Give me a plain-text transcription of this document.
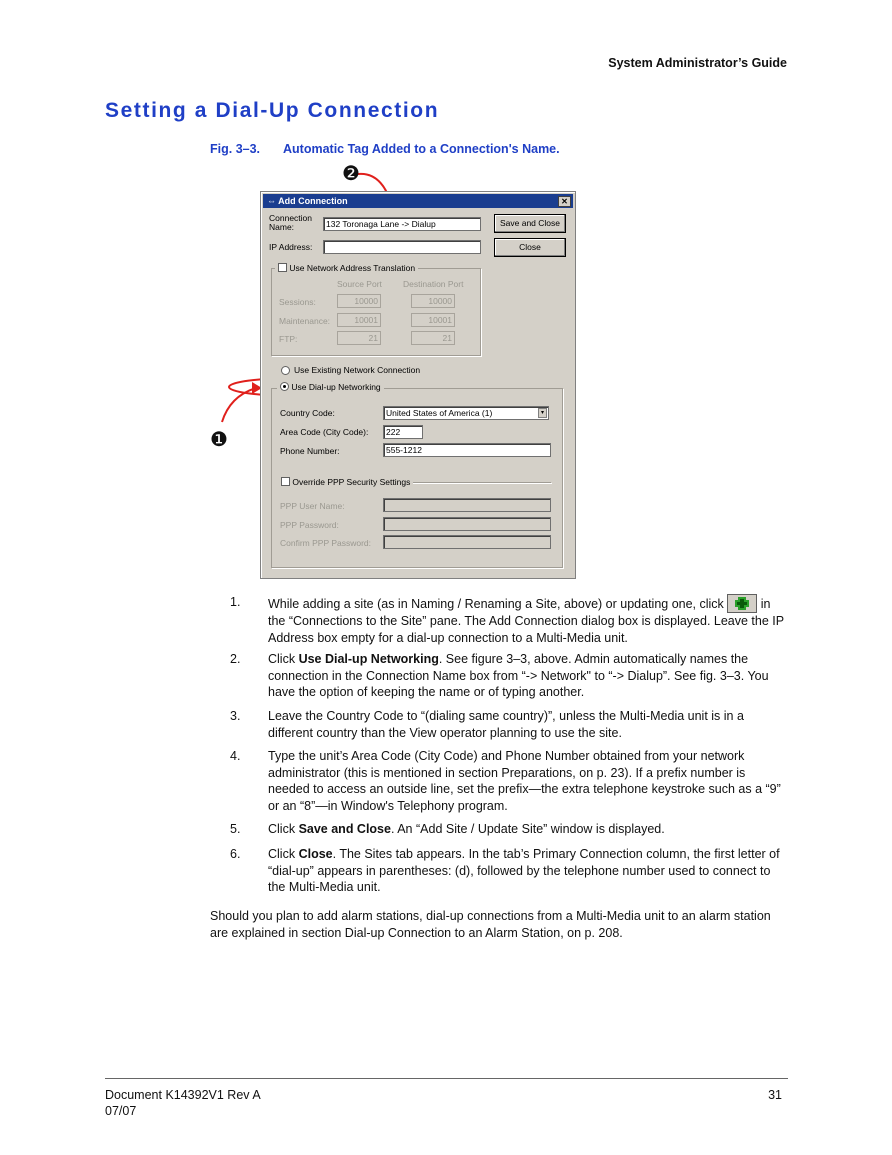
System Administrator’s Guide
Setting a Dial-Up Connection
Fig. 3–3. Automatic Tag Added to a Connection's Name.
❷
❶
⇔ Add Connection	✕
Connection
Name:	132 Toronaga Lane -> Dialup
IP Address:
Save and Close
Close
Use Network Address Translation
Source Port Destination Port
Sessions:	10000	10000
Maintenance:	10001	10001
FTP:	21	21
Use Existing Network Connection
Use Dial-up Networking
Country Code:	United States of America (1)	▾
Area Code (City Code):	222
Phone Number:	555-1212
Override PPP Security Settings
PPP User Name:
PPP Password:
Confirm PPP Password:
1. While adding a site (as in Naming / Renaming a Site, above) or updating one, click  in the “Connections to the Site” pane. The Add Connection dialog box is displayed. Leave the IP Address box empty for a dial-up connection to a Multi-Media unit.
2. Click Use Dial-up Networking. See figure 3–3, above. Admin automatically names the connection in the Connection Name box from “-> Network" to “-> Dialup”. See fig. 3–3. You have the option of keeping the name or of typing another.
3. Leave the Country Code to “(dialing same country)”, unless the Multi-Media unit is in a different country than the View operator planning to use the site.
4. Type the unit’s Area Code (City Code) and Phone Number obtained from your network administrator (this is mentioned in section Preparations, on p. 23). If a prefix number is needed to access an outside line, set the prefix—the extra telephone keystroke such as a “9” or an “8”—in Window's Telephony program.
5. Click Save and Close. An “Add Site / Update Site” window is displayed.
6. Click Close. The Sites tab appears. In the tab’s Primary Connection column, the first letter of “dial-up” appears in parentheses: (d), followed by the telephone number used to connect to the Multi-Media unit.
Should you plan to add alarm stations, dial-up connections from a Multi-Media unit to an alarm station are explained in section Dial-up Connection to an Alarm Station, on p. 208.
Document K14392V1 Rev A
07/07
31
